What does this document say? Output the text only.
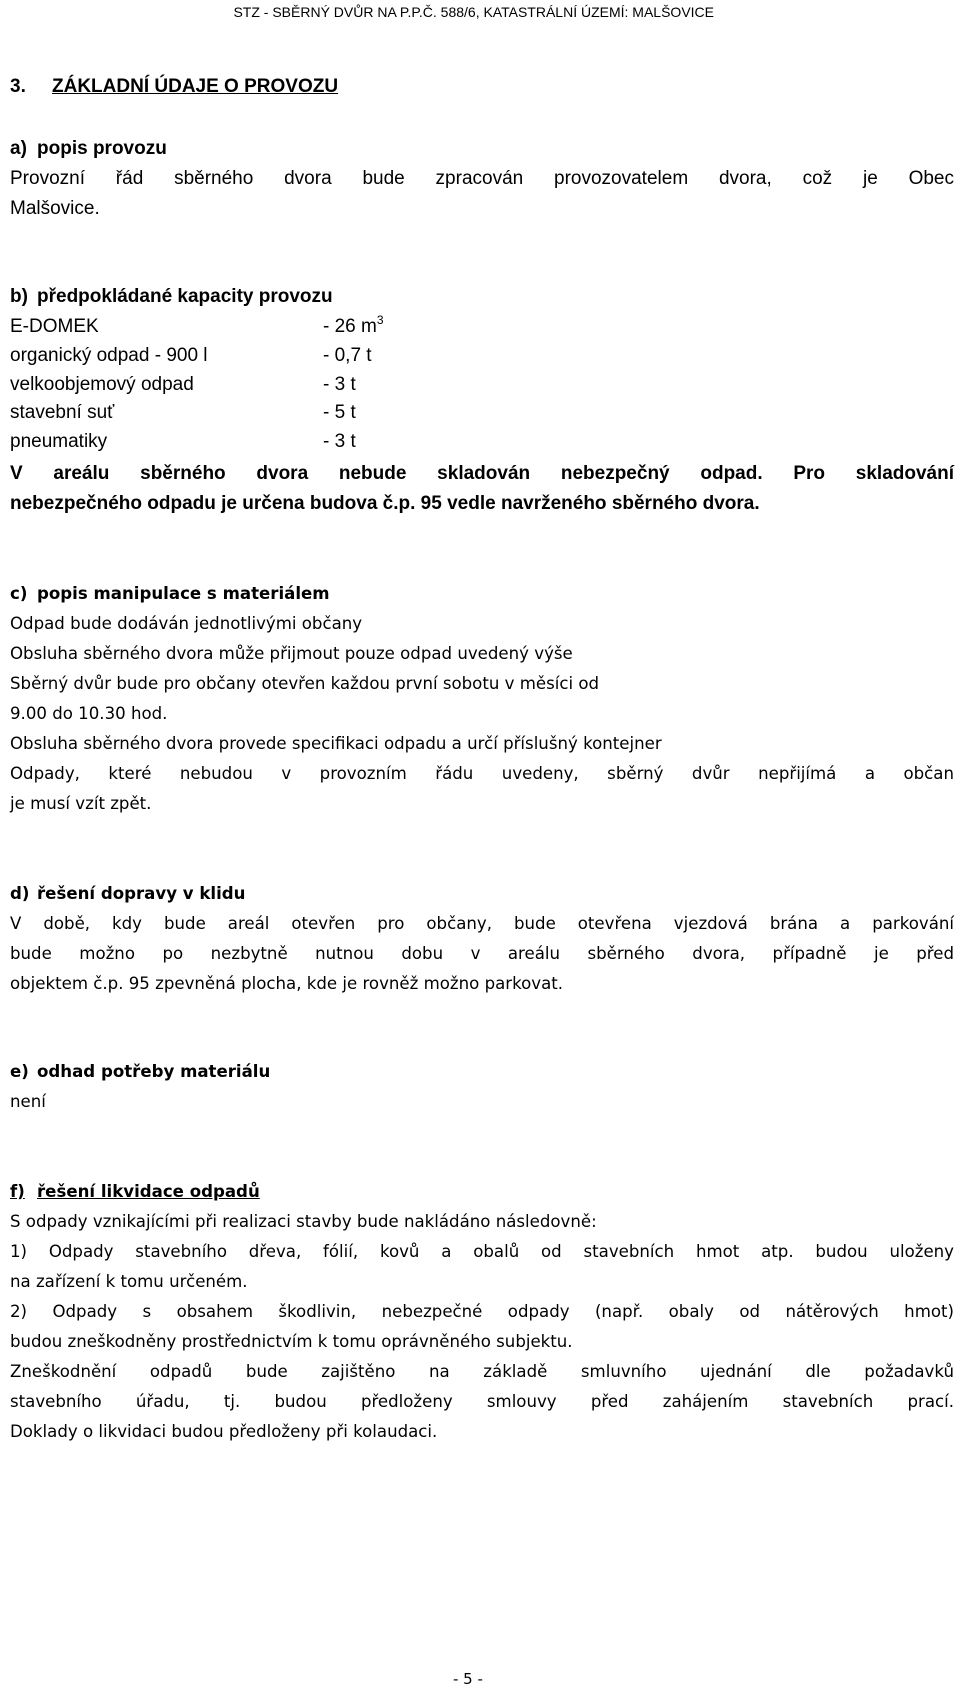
STZ - SBĚRNÝ DVŮR NA P.P.Č. 588/6, KATASTRÁLNÍ ÚZEMÍ: MALŠOVICE
3. ZÁKLADNÍ ÚDAJE O PROVOZU
a) popis provozu
Provozní řád sběrného dvora bude zpracován provozovatelem dvora, což je Obec
Malšovice.
b) předpokládané kapacity provozu
E-DOMEK	- 26 $m^3$
organický odpad - 900 l	- 0,7 t
velkoobjemový odpad	- 3 t
stavební suť	- 5 t
pneumatiky	- 3 t
V areálu sběrného dvora nebude skladován nebezpečný odpad. Pro skladování
nebezpečného odpadu je určena budova č.p. 95 vedle navrženého sběrného dvora.
c) popis manipulace s materiálem
Odpad bude dodáván jednotlivými občany
Obsluha sběrného dvora může přijmout pouze odpad uvedený výše
Sběrný dvůr bude pro občany otevřen každou první sobotu v měsíci od
9.00 do 10.30 hod.
Obsluha sběrného dvora provede specifikaci odpadu a určí příslušný kontejner
Odpady, které nebudou v provozním řádu uvedeny, sběrný dvůr nepřijímá a občan
je musí vzít zpět.
d) řešení dopravy v klidu
V době, kdy bude areál otevřen pro občany, bude otevřena vjezdová brána a parkování
bude možno po nezbytně nutnou dobu v areálu sběrného dvora, případně je před
objektem č.p. 95 zpevněná plocha, kde je rovněž možno parkovat.
e) odhad potřeby materiálu
není
f) řešení likvidace odpadů
S odpady vznikajícími při realizaci stavby bude nakládáno následovně:
1) Odpady stavebního dřeva, fólií, kovů a obalů od stavebních hmot atp. budou uloženy
na zařízení k tomu určeném.
2) Odpady s obsahem škodlivin, nebezpečné odpady (např. obaly od nátěrových hmot)
budou zneškodněny prostřednictvím k tomu oprávněného subjektu.
Zneškodnění odpadů bude zajištěno na základě smluvního ujednání dle požadavků
stavebního úřadu, tj. budou předloženy smlouvy před zahájením stavebních prací.
Doklady o likvidaci budou předloženy při kolaudaci.
- 5 -
